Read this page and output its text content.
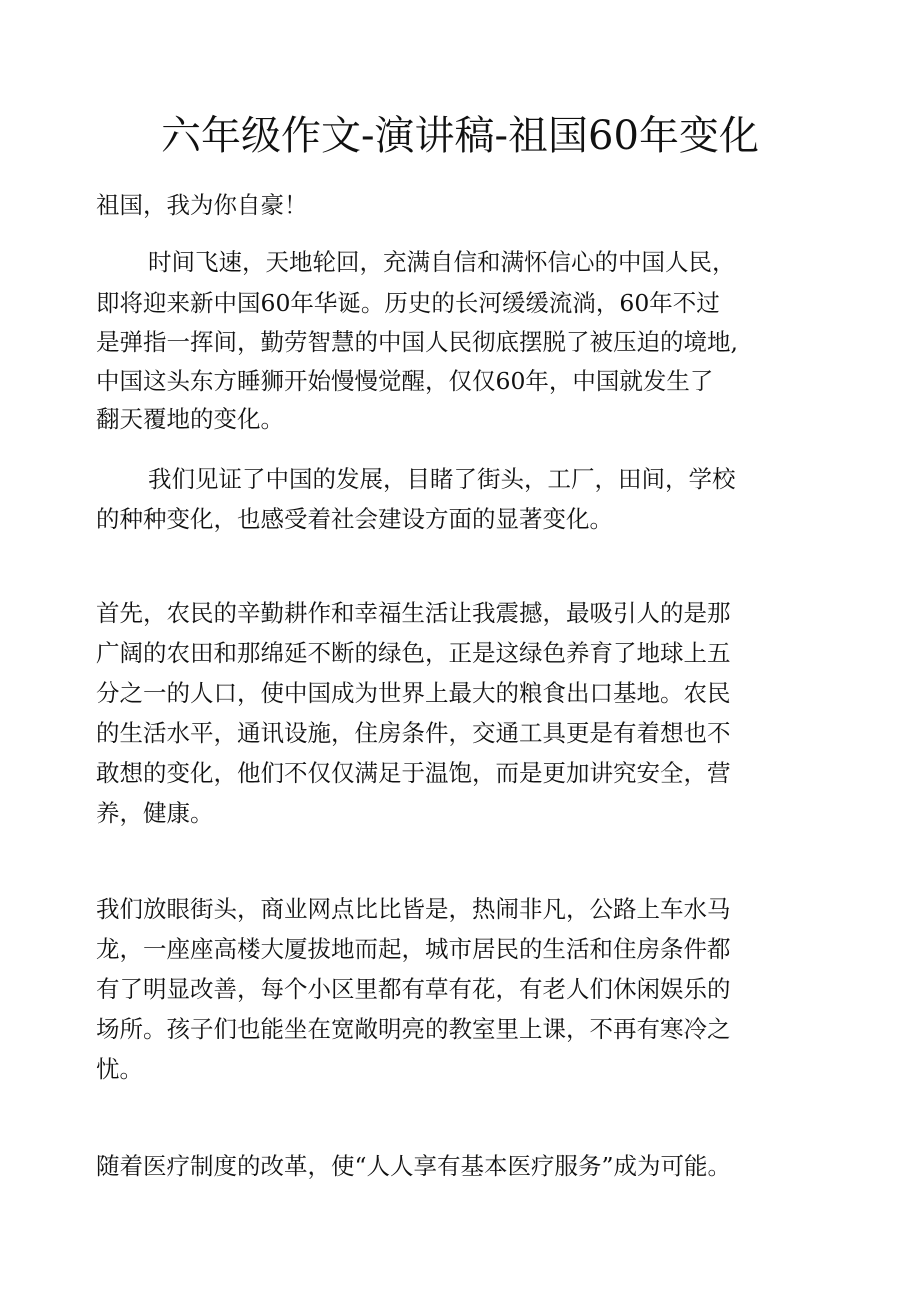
六年级作文-演讲稿-祖国60年变化

祖国，我为你自豪！

时间飞速，天地轮回，充满自信和满怀信心的中国人民，

即将迎来新中国60年华诞。历史的长河缓缓流淌，60年不过

是弹指一挥间，勤劳智慧的中国人民彻底摆脱了被压迫的境地,

中国这头东方睡狮开始慢慢觉醒，仅仅60年，中国就发生了

翻天覆地的变化。

我们见证了中国的发展，目睹了街头，工厂，田间，学校

的种种变化，也感受着社会建设方面的显著变化。

首先，农民的辛勤耕作和幸福生活让我震撼，最吸引人的是那

广阔的农田和那绵延不断的绿色，正是这绿色养育了地球上五

分之一的人口，使中国成为世界上最大的粮食出口基地。农民

的生活水平，通讯设施，住房条件，交通工具更是有着想也不

敢想的变化，他们不仅仅满足于温饱，而是更加讲究安全，营

养，健康。

我们放眼街头，商业网点比比皆是，热闹非凡，公路上车水马

龙，一座座高楼大厦拔地而起，城市居民的生活和住房条件都

有了明显改善，每个小区里都有草有花，有老人们休闲娱乐的

场所。孩子们也能坐在宽敞明亮的教室里上课，不再有寒冷之

忧。

随着医疗制度的改革，使“人人享有基本医疗服务”成为可能。
